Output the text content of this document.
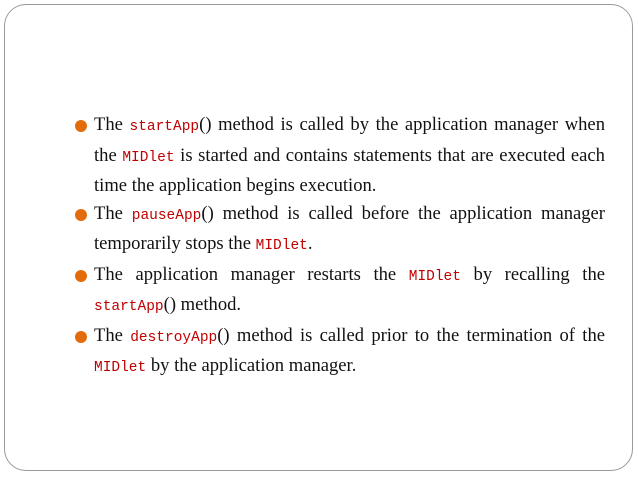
The startApp() method is called by the application manager when the MIDlet is started and contains statements that are executed each time the application begins execution.

The pauseApp() method is called before the application manager temporarily stops the MIDlet.

The application manager restarts the MIDlet by recalling the startApp() method.

The destroyApp() method is called prior to the termination of the MIDlet by the application manager.
